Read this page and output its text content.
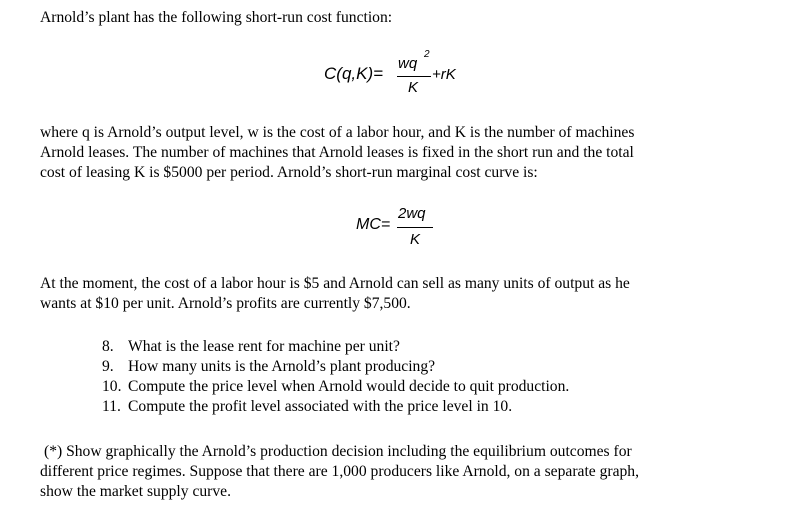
Arnold’s plant has the following short-run cost function:
C(q,K)=
wq
2
K
+rK
where q is Arnold’s output level, w is the cost of a labor hour, and K is the number of machines
Arnold leases. The number of machines that Arnold leases is fixed in the short run and the total
cost of leasing K is $5000 per period. Arnold’s short-run marginal cost curve is:
MC=
2wq
K
At the moment, the cost of a labor hour is $5 and Arnold can sell as many units of output as he
wants at $10 per unit. Arnold’s profits are currently $7,500.
8. What is the lease rent for machine per unit?
9. How many units is the Arnold’s plant producing?
10. Compute the price level when Arnold would decide to quit production.
11. Compute the profit level associated with the price level in 10.
(*) Show graphically the Arnold’s production decision including the equilibrium outcomes for
different price regimes. Suppose that there are 1,000 producers like Arnold, on a separate graph,
show the market supply curve.
